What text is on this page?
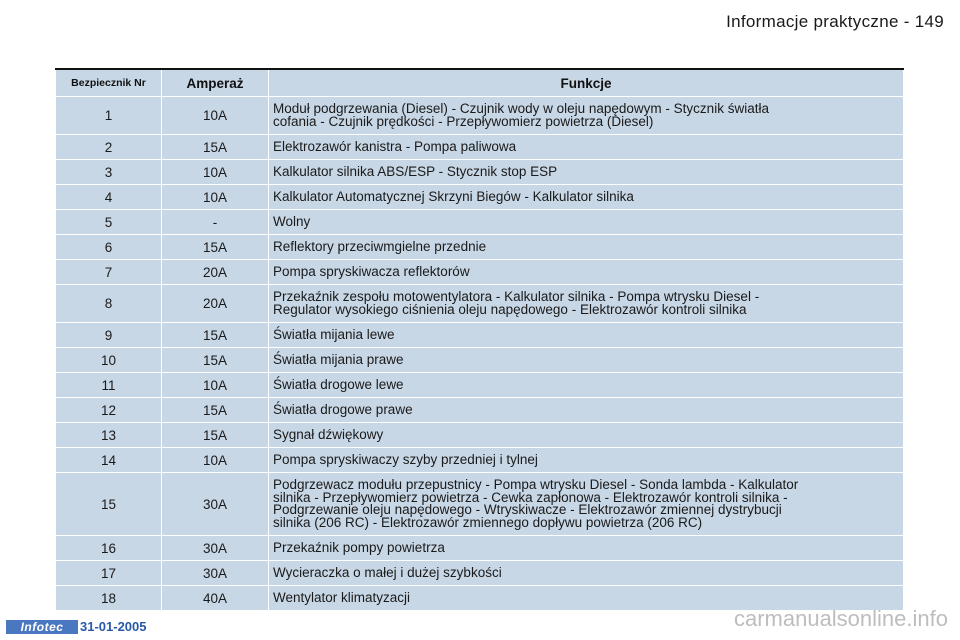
Informacje praktyczne - 149
Bezpiecznik Nr	Amperaż	Funkcje
1	10A	Moduł podgrzewania (Diesel) - Czujnik wody w oleju napędowym - Stycznik światła
cofania - Czujnik prędkości - Przepływomierz powietrza (Diesel)

2	15A	Elektrozawór kanistra - Pompa paliwowa

3	10A	Kalkulator silnika ABS/ESP - Stycznik stop ESP

4	10A	Kalkulator Automatycznej Skrzyni Biegów - Kalkulator silnika

5	-	Wolny

6	15A	Reflektory przeciwmgielne przednie

7	20A	Pompa spryskiwacza reflektorów

8	20A	Przekaźnik zespołu motowentylatora - Kalkulator silnika - Pompa wtrysku Diesel -
Regulator wysokiego ciśnienia oleju napędowego - Elektrozawór kontroli silnika

9	15A	Światła mijania lewe

10	15A	Światła mijania prawe

11	10A	Światła drogowe lewe

12	15A	Światła drogowe prawe

13	15A	Sygnał dźwiękowy

14	10A	Pompa spryskiwaczy szyby przedniej i tylnej

15	30A	Podgrzewacz modułu przepustnicy - Pompa wtrysku Diesel - Sonda lambda - Kalkulator
silnika - Przepływomierz powietrza - Cewka zapłonowa - Elektrozawór kontroli silnika -
Podgrzewanie oleju napędowego - Wtryskiwacze - Elektrozawór zmiennej dystrybucji
silnika (206 RC) - Elektrozawór zmiennego dopływu powietrza (206 RC)

16	30A	Przekaźnik pompy powietrza

17	30A	Wycieraczka o małej i dużej szybkości

18	40A	Wentylator klimatyzacji
Infotec	31-01-2005	carmanualsonline.info
